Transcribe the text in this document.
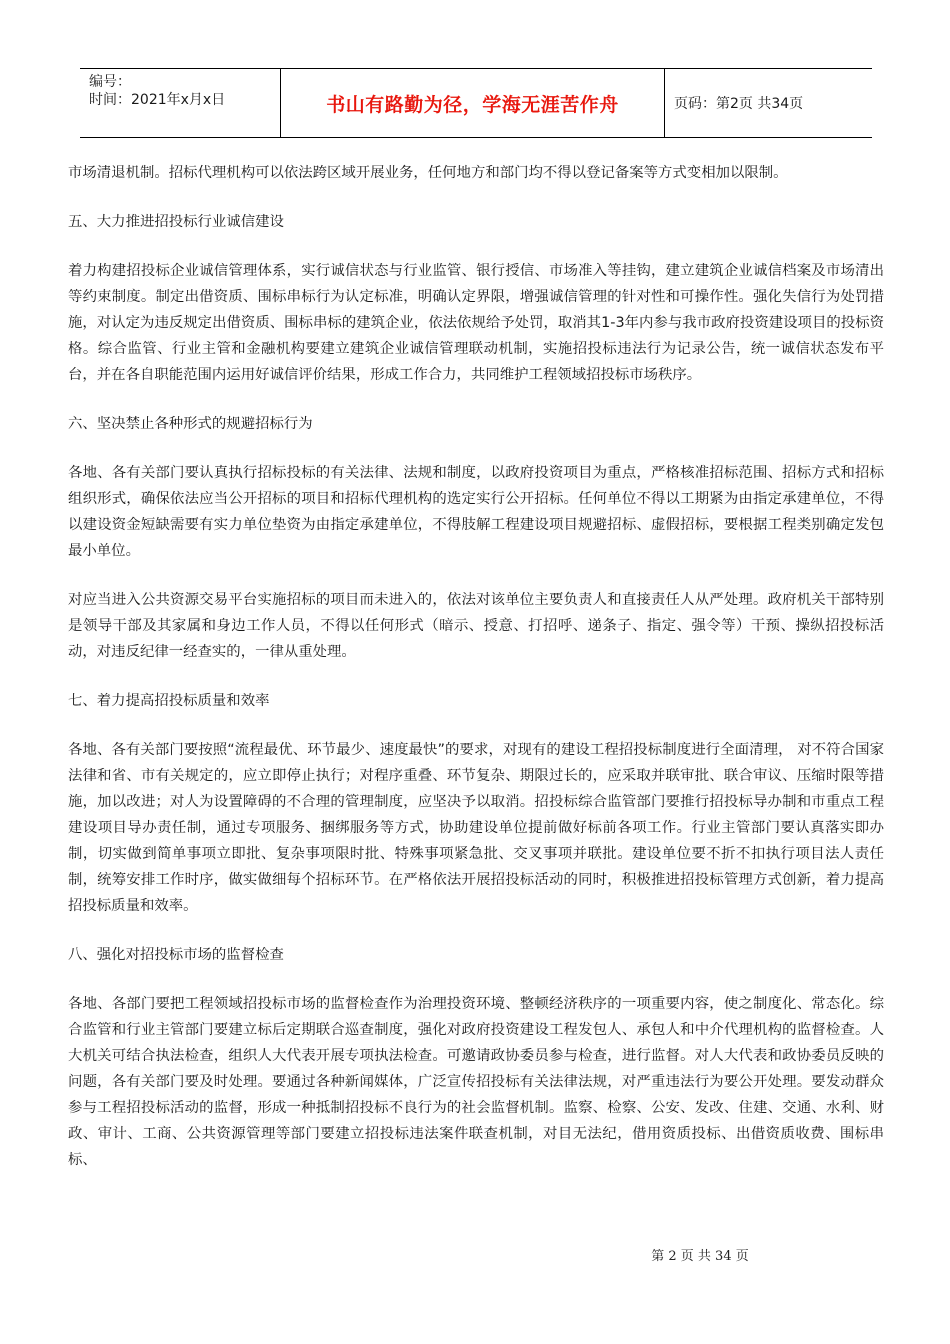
编号：
时间：2021年x月x日	书山有路勤为径，学海无涯苦作舟	页码：第2页 共34页

市场清退机制。招标代理机构可以依法跨区域开展业务，任何地方和部门均不得以登记备案等方式变相加以限制。

五、大力推进招投标行业诚信建设

着力构建招投标企业诚信管理体系，实行诚信状态与行业监管、银行授信、市场准入等挂钩，建立建筑企业诚信档案及市场清出等约束制度。制定出借资质、围标串标行为认定标准，明确认定界限，增强诚信管理的针对性和可操作性。强化失信行为处罚措施，对认定为违反规定出借资质、围标串标的建筑企业，依法依规给予处罚，取消其1-3年内参与我市政府投资建设项目的投标资格。综合监管、行业主管和金融机构要建立建筑企业诚信管理联动机制，实施招投标违法行为记录公告，统一诚信状态发布平台，并在各自职能范围内运用好诚信评价结果，形成工作合力，共同维护工程领域招投标市场秩序。

六、坚决禁止各种形式的规避招标行为

各地、各有关部门要认真执行招标投标的有关法律、法规和制度，以政府投资项目为重点，严格核准招标范围、招标方式和招标组织形式，确保依法应当公开招标的项目和招标代理机构的选定实行公开招标。任何单位不得以工期紧为由指定承建单位，不得以建设资金短缺需要有实力单位垫资为由指定承建单位，不得肢解工程建设项目规避招标、虚假招标，要根据工程类别确定发包最小单位。

对应当进入公共资源交易平台实施招标的项目而未进入的，依法对该单位主要负责人和直接责任人从严处理。政府机关干部特别是领导干部及其家属和身边工作人员，不得以任何形式（暗示、授意、打招呼、递条子、指定、强令等）干预、操纵招投标活动，对违反纪律一经查实的，一律从重处理。

七、着力提高招投标质量和效率

各地、各有关部门要按照“流程最优、环节最少、速度最快”的要求，对现有的建设工程招投标制度进行全面清理， 对不符合国家法律和省、市有关规定的，应立即停止执行；对程序重叠、环节复杂、期限过长的，应采取并联审批、联合审议、压缩时限等措施，加以改进；对人为设置障碍的不合理的管理制度，应坚决予以取消。招投标综合监管部门要推行招投标导办制和市重点工程建设项目导办责任制，通过专项服务、捆绑服务等方式，协助建设单位提前做好标前各项工作。行业主管部门要认真落实即办制，切实做到简单事项立即批、复杂事项限时批、特殊事项紧急批、交叉事项并联批。建设单位要不折不扣执行项目法人责任制，统筹安排工作时序，做实做细每个招标环节。在严格依法开展招投标活动的同时，积极推进招投标管理方式创新，着力提高招投标质量和效率。

八、强化对招投标市场的监督检查

各地、各部门要把工程领域招投标市场的监督检查作为治理投资环境、整顿经济秩序的一项重要内容，使之制度化、常态化。综合监管和行业主管部门要建立标后定期联合巡查制度，强化对政府投资建设工程发包人、承包人和中介代理机构的监督检查。人大机关可结合执法检查，组织人大代表开展专项执法检查。可邀请政协委员参与检查，进行监督。对人大代表和政协委员反映的问题，各有关部门要及时处理。要通过各种新闻媒体，广泛宣传招投标有关法律法规，对严重违法行为要公开处理。要发动群众参与工程招投标活动的监督，形成一种抵制招投标不良行为的社会监督机制。监察、检察、公安、发改、住建、交通、水利、财政、审计、工商、公共资源管理等部门要建立招投标违法案件联查机制，对目无法纪，借用资质投标、出借资质收费、围标串标、

第 2 页 共 34 页
